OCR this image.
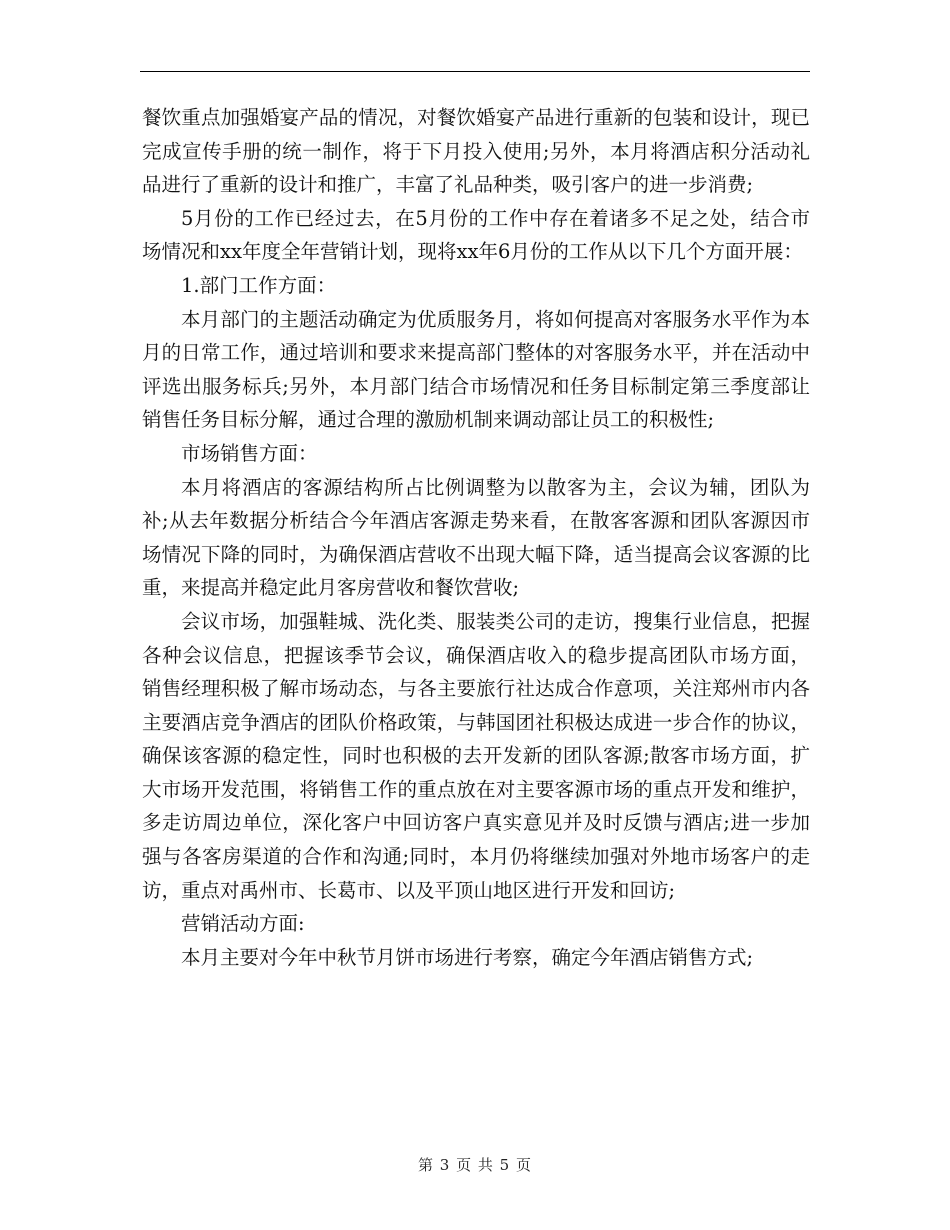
餐饮重点加强婚宴产品的情况，对餐饮婚宴产品进行重新的包装和设计，现已完成宣传手册的统一制作，将于下月投入使用;另外，本月将酒店积分活动礼品进行了重新的设计和推广，丰富了礼品种类，吸引客户的进一步消费;

5月份的工作已经过去，在5月份的工作中存在着诸多不足之处，结合市场情况和xx年度全年营销计划，现将xx年6月份的工作从以下几个方面开展：

1.部门工作方面：

本月部门的主题活动确定为优质服务月，将如何提高对客服务水平作为本月的日常工作，通过培训和要求来提高部门整体的对客服务水平，并在活动中评选出服务标兵;另外，本月部门结合市场情况和任务目标制定第三季度部让销售任务目标分解，通过合理的激励机制来调动部让员工的积极性;

市场销售方面：

本月将酒店的客源结构所占比例调整为以散客为主，会议为辅，团队为补;从去年数据分析结合今年酒店客源走势来看，在散客客源和团队客源因市场情况下降的同时，为确保酒店营收不出现大幅下降，适当提高会议客源的比重，来提高并稳定此月客房营收和餐饮营收;

会议市场，加强鞋城、洗化类、服装类公司的走访，搜集行业信息，把握各种会议信息，把握该季节会议，确保酒店收入的稳步提高团队市场方面， 销售经理积极了解市场动态，与各主要旅行社达成合作意项，关注郑州市内各主要酒店竞争酒店的团队价格政策，与韩国团社积极达成进一步合作的协议，确保该客源的稳定性，同时也积极的去开发新的团队客源;散客市场方面，扩大市场开发范围，将销售工作的重点放在对主要客源市场的重点开发和维护，多走访周边单位，深化客户中回访客户真实意见并及时反馈与酒店;进一步加强与各客房渠道的合作和沟通;同时，本月仍将继续加强对外地市场客户的走访，重点对禹州市、长葛市、以及平顶山地区进行开发和回访;

营销活动方面:

本月主要对今年中秋节月饼市场进行考察，确定今年酒店销售方式;

第 3 页 共 5 页
